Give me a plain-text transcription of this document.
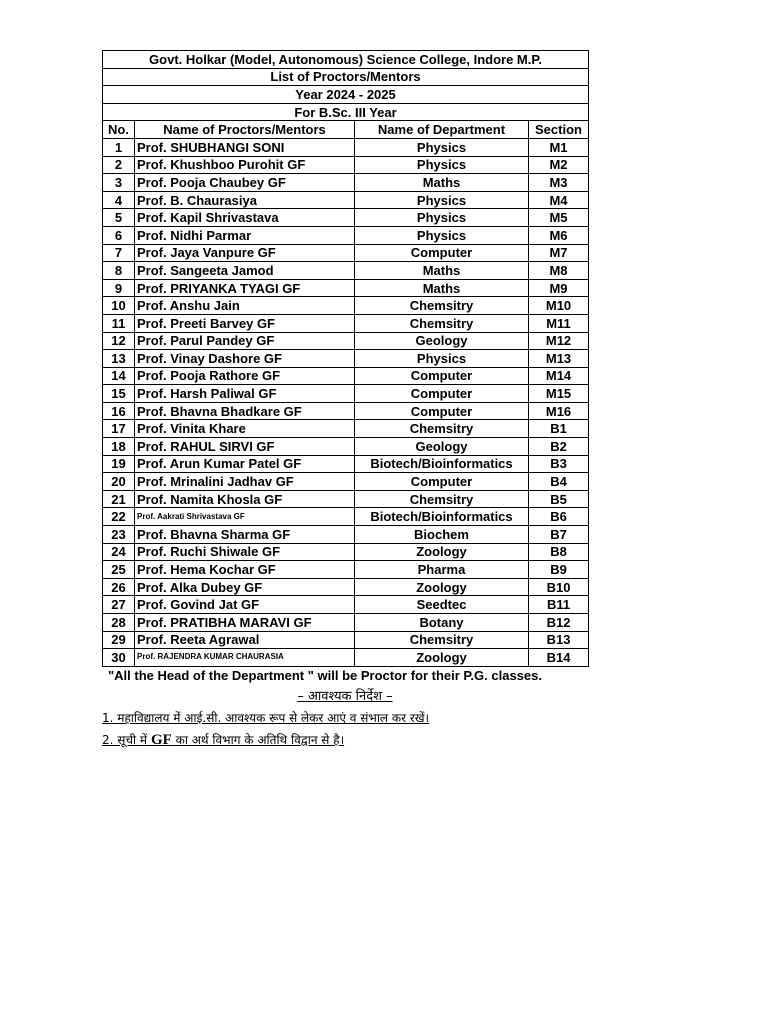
Govt. Holkar (Model, Autonomous) Science College, Indore M.P.			
List of Proctors/Mentors			
Year 2024 - 2025			
For B.Sc. III Year			
No.	Name of Proctors/Mentors	Name of Department	Section
1	Prof. SHUBHANGI SONI	Physics	M1
2	Prof. Khushboo Purohit GF	Physics	M2
3	Prof. Pooja Chaubey GF	Maths	M3
4	Prof. B. Chaurasiya	Physics	M4
5	Prof. Kapil Shrivastava	Physics	M5
6	Prof. Nidhi Parmar	Physics	M6
7	Prof. Jaya Vanpure GF	Computer	M7
8	Prof. Sangeeta Jamod	Maths	M8
9	Prof. PRIYANKA TYAGI GF	Maths	M9
10	Prof. Anshu Jain	Chemsitry	M10
11	Prof. Preeti Barvey GF	Chemsitry	M11
12	Prof. Parul Pandey GF	Geology	M12
13	Prof. Vinay Dashore GF	Physics	M13
14	Prof. Pooja Rathore GF	Computer	M14
15	Prof. Harsh Paliwal GF	Computer	M15
16	Prof. Bhavna Bhadkare GF	Computer	M16
17	Prof. Vinita Khare	Chemsitry	B1
18	Prof. RAHUL SIRVI GF	Geology	B2
19	Prof. Arun Kumar Patel GF	Biotech/Bioinformatics	B3
20	Prof. Mrinalini Jadhav GF	Computer	B4
21	Prof. Namita Khosla GF	Chemsitry	B5
22	Prof. Aakrati Shrivastava GF	Biotech/Bioinformatics	B6
23	Prof. Bhavna Sharma GF	Biochem	B7
24	Prof. Ruchi Shiwale GF	Zoology	B8
25	Prof. Hema Kochar GF	Pharma	B9
26	Prof. Alka Dubey GF	Zoology	B10
27	Prof. Govind Jat GF	Seedtec	B11
28	Prof. PRATIBHA MARAVI GF	Botany	B12
29	Prof. Reeta Agrawal	Chemsitry	B13
30	Prof. RAJENDRA KUMAR CHAURASIA	Zoology	B14
"All the Head of the Department " will be Proctor for their P.G. classes.
– आवश्यक निर्देश –
1. महाविद्यालय में आई.सी. आवश्यक रूप से लेकर आएं व संभाल कर रखें।
2. सूची में GF का अर्थ विभाग के अतिथि विद्वान से है।
